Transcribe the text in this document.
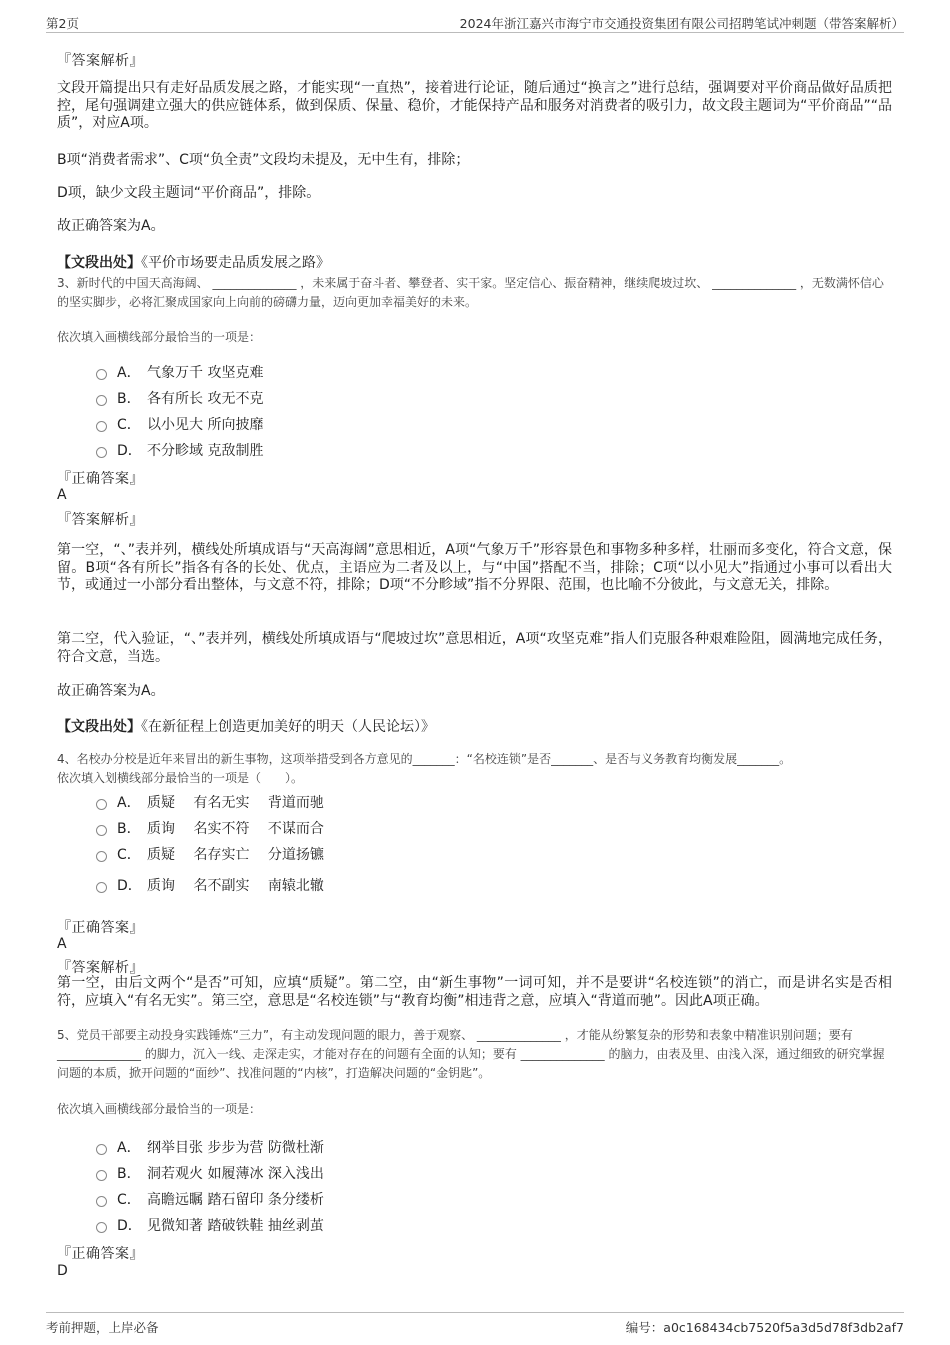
第2页	2024年浙江嘉兴市海宁市交通投资集团有限公司招聘笔试冲刺题（带答案解析）
『答案解析』
文段开篇提出只有走好品质发展之路，才能实现“一直热”，接着进行论证，随后通过“换言之”进行总结，强调要对平价商品做好品质把控，尾句强调建立强大的供应链体系，做到保质、保量、稳价，才能保持产品和服务对消费者的吸引力，故文段主题词为“平价商品”“品质”，对应A项。
B项“消费者需求”、C项“负全责”文段均未提及，无中生有，排除；
D项，缺少文段主题词“平价商品”，排除。
故正确答案为A。
【文段出处】《平价市场要走品质发展之路》
3、新时代的中国天高海阔、 ______________ ，未来属于奋斗者、攀登者、实干家。坚定信心、振奋精神，继续爬坡过坎、 ______________ ，无数满怀信心的坚实脚步，必将汇聚成国家向上向前的磅礴力量，迈向更加幸福美好的未来。
依次填入画横线部分最恰当的一项是：
A． 气象万千 攻坚克难
B． 各有所长 攻无不克
C． 以小见大 所向披靡
D． 不分畛域 克敌制胜
『正确答案』
A
『答案解析』
第一空，“、”表并列，横线处所填成语与“天高海阔”意思相近，A项“气象万千”形容景色和事物多种多样，壮丽而多变化，符合文意，保留。B项“各有所长”指各有各的长处、优点，主语应为二者及以上，与“中国”搭配不当，排除；C项“以小见大”指通过小事可以看出大节，或通过一小部分看出整体，与文意不符，排除；D项“不分畛域”指不分界限、范围，也比喻不分彼此，与文意无关，排除。
第二空，代入验证，“、”表并列，横线处所填成语与“爬坡过坎”意思相近，A项“攻坚克难”指人们克服各种艰难险阻，圆满地完成任务，符合文意，当选。
故正确答案为A。
【文段出处】《在新征程上创造更加美好的明天（人民论坛）》
4、名校办分校是近年来冒出的新生事物，这项举措受到各方意见的_______：“名校连锁”是否_______、是否与义务教育均衡发展_______。
依次填入划横线部分最恰当的一项是（　　）。
A． 质疑　 有名无实　 背道而驰
B． 质询　 名实不符　 不谋而合
C． 质疑　 名存实亡　 分道扬镳
D． 质询　 名不副实　 南辕北辙
『正确答案』
A
『答案解析』
第一空，由后文两个“是否”可知，应填“质疑”。第二空，由“新生事物”一词可知，并不是要讲“名校连锁”的消亡，而是讲名实是否相符，应填入“有名无实”。第三空，意思是“名校连锁”与“教育均衡”相违背之意，应填入“背道而驰”。因此A项正确。
5、党员干部要主动投身实践锤炼“三力”，有主动发现问题的眼力，善于观察、 ______________ ，才能从纷繁复杂的形势和表象中精准识别问题；要有 ______________ 的脚力，沉入一线、走深走实，才能对存在的问题有全面的认知；要有 ______________ 的脑力，由表及里、由浅入深，通过细致的研究掌握问题的本质，掀开问题的“面纱”、找准问题的“内核”，打造解决问题的“金钥匙”。
依次填入画横线部分最恰当的一项是：
A． 纲举目张 步步为营 防微杜渐
B． 洞若观火 如履薄冰 深入浅出
C． 高瞻远瞩 踏石留印 条分缕析
D． 见微知著 踏破铁鞋 抽丝剥茧
『正确答案』
D
考前押题，上岸必备	编号：a0c168434cb7520f5a3d5d78f3db2af7
